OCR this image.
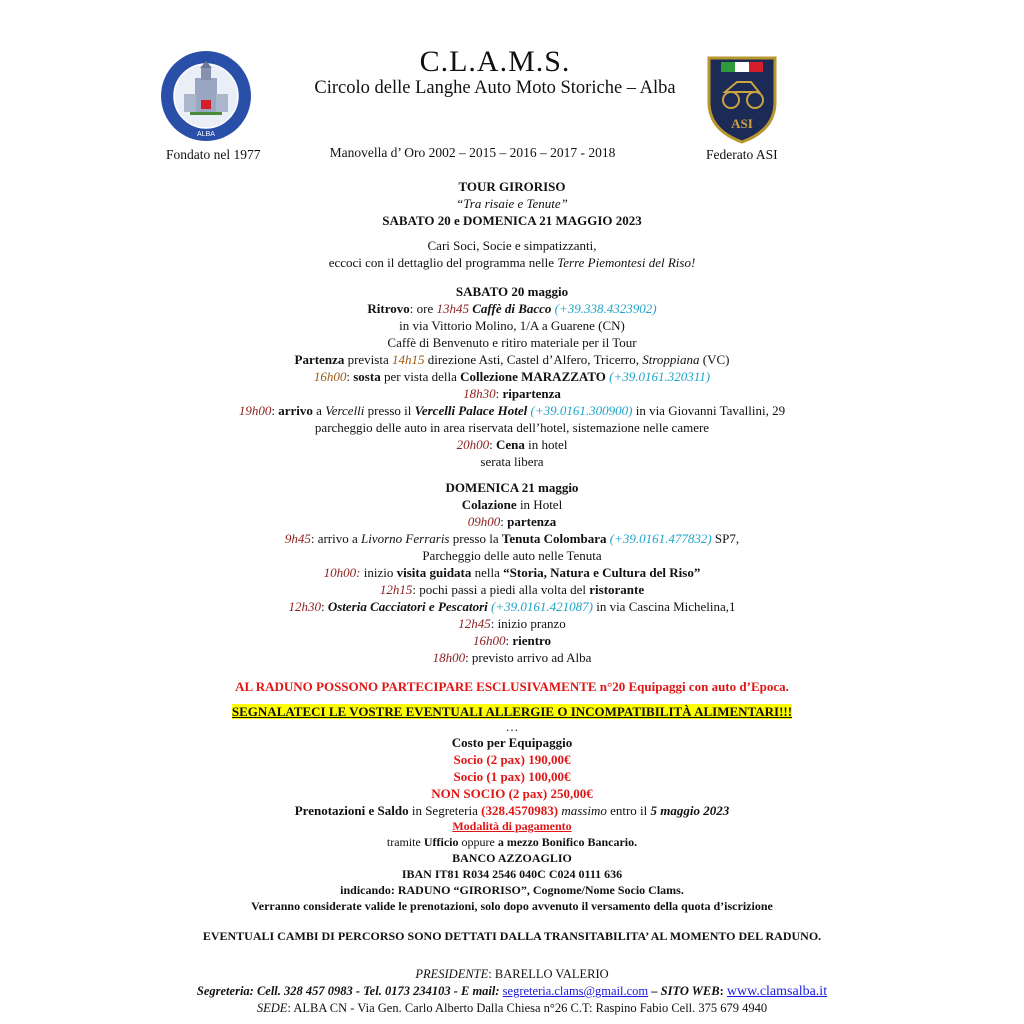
ALBA
ASI
C.L.A.M.S.
Circolo delle Langhe Auto Moto Storiche – Alba
Fondato nel 1977	Manovella d’ Oro 2002 – 2015 – 2016 – 2017 - 2018	Federato ASI
TOUR GIRORISO
“Tra risaie e Tenute”
SABATO 20 e DOMENICA 21 MAGGIO 2023
Cari Soci, Socie e simpatizzanti,
eccoci con il dettaglio del programma nelle Terre Piemontesi del Riso!
SABATO 20 maggio
Ritrovo: ore 13h45 Caffè di Bacco (+39.338.4323902)
in via Vittorio Molino, 1/A a Guarene (CN)
Caffè di Benvenuto e ritiro materiale per il Tour
Partenza prevista 14h15 direzione Asti, Castel d’Alfero, Tricerro, Stroppiana (VC)
16h00: sosta per vista della Collezione MARAZZATO (+39.0161.320311)
18h30: ripartenza
19h00: arrivo a Vercelli presso il Vercelli Palace Hotel (+39.0161.300900) in via Giovanni Tavallini, 29
parcheggio delle auto in area riservata dell’hotel, sistemazione nelle camere
20h00: Cena in hotel
serata libera
DOMENICA 21 maggio
Colazione in Hotel
09h00: partenza
9h45: arrivo a Livorno Ferraris presso la Tenuta Colombara (+39.0161.477832) SP7,
Parcheggio delle auto nelle Tenuta
10h00: inizio visita guidata nella “Storia, Natura e Cultura del Riso”
12h15: pochi passi a piedi alla volta del ristorante
12h30: Osteria Cacciatori e Pescatori (+39.0161.421087) in via Cascina Michelina,1
12h45: inizio pranzo
16h00: rientro
18h00: previsto arrivo ad Alba
AL RADUNO POSSONO PARTECIPARE ESCLUSIVAMENTE n°20 Equipaggi con auto d’Epoca.
SEGNALATECI LE VOSTRE EVENTUALI ALLERGIE O INCOMPATIBILITÀ ALIMENTARI!!!
…
Costo per Equipaggio
Socio (2 pax) 190,00€
Socio (1 pax) 100,00€
NON SOCIO (2 pax) 250,00€
Prenotazioni e Saldo in Segreteria (328.4570983) massimo entro il 5 maggio 2023
Modalità di pagamento
tramite Ufficio oppure a mezzo Bonifico Bancario.
BANCO AZZOAGLIO
IBAN IT81 R034 2546 040C C024 0111 636
indicando: RADUNO “GIRORISO”, Cognome/Nome Socio Clams.
Verranno considerate valide le prenotazioni, solo dopo avvenuto il versamento della quota d’iscrizione
EVENTUALI CAMBI DI PERCORSO SONO DETTATI DALLA TRANSITABILITA’ AL MOMENTO DEL RADUNO.
PRESIDENTE: BARELLO VALERIO
Segreteria: Cell. 328 457 0983 - Tel. 0173 234103 - E mail: segreteria.clams@gmail.com – SITO WEB: www.clamsalba.it
SEDE: ALBA CN - Via Gen. Carlo Alberto Dalla Chiesa n°26 C.T: Raspino Fabio Cell. 375 679 4940
